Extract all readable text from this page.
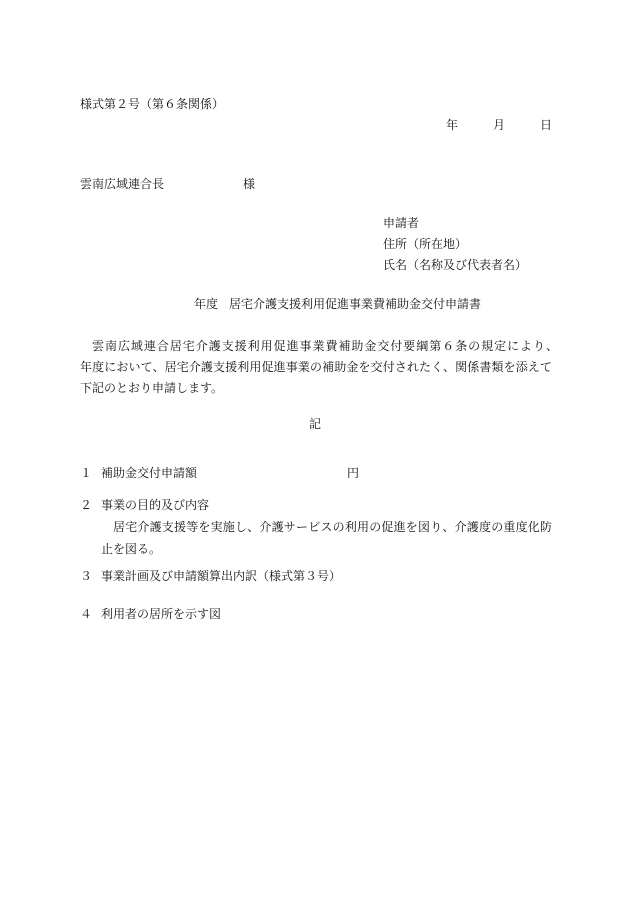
様式第２号（第６条関係）
年	月	日
雲南広域連合長	様
申請者
住所（所在地）
氏名（名称及び代表者名）
年度 居宅介護支援利用促進事業費補助金交付申請書
雲南広域連合居宅介護支援利用促進事業費補助金交付要綱第６条の規定により、　　年度において、居宅介護支援利用促進事業の補助金を交付されたく、関係書類を添えて下記のとおり申請します。
記
１ 補助金交付申請額	円
２ 事業の目的及び内容
居宅介護支援等を実施し、介護サービスの利用の促進を図り、介護度の重度化防止を図る。
３ 事業計画及び申請額算出内訳（様式第３号）
４ 利用者の居所を示す図
